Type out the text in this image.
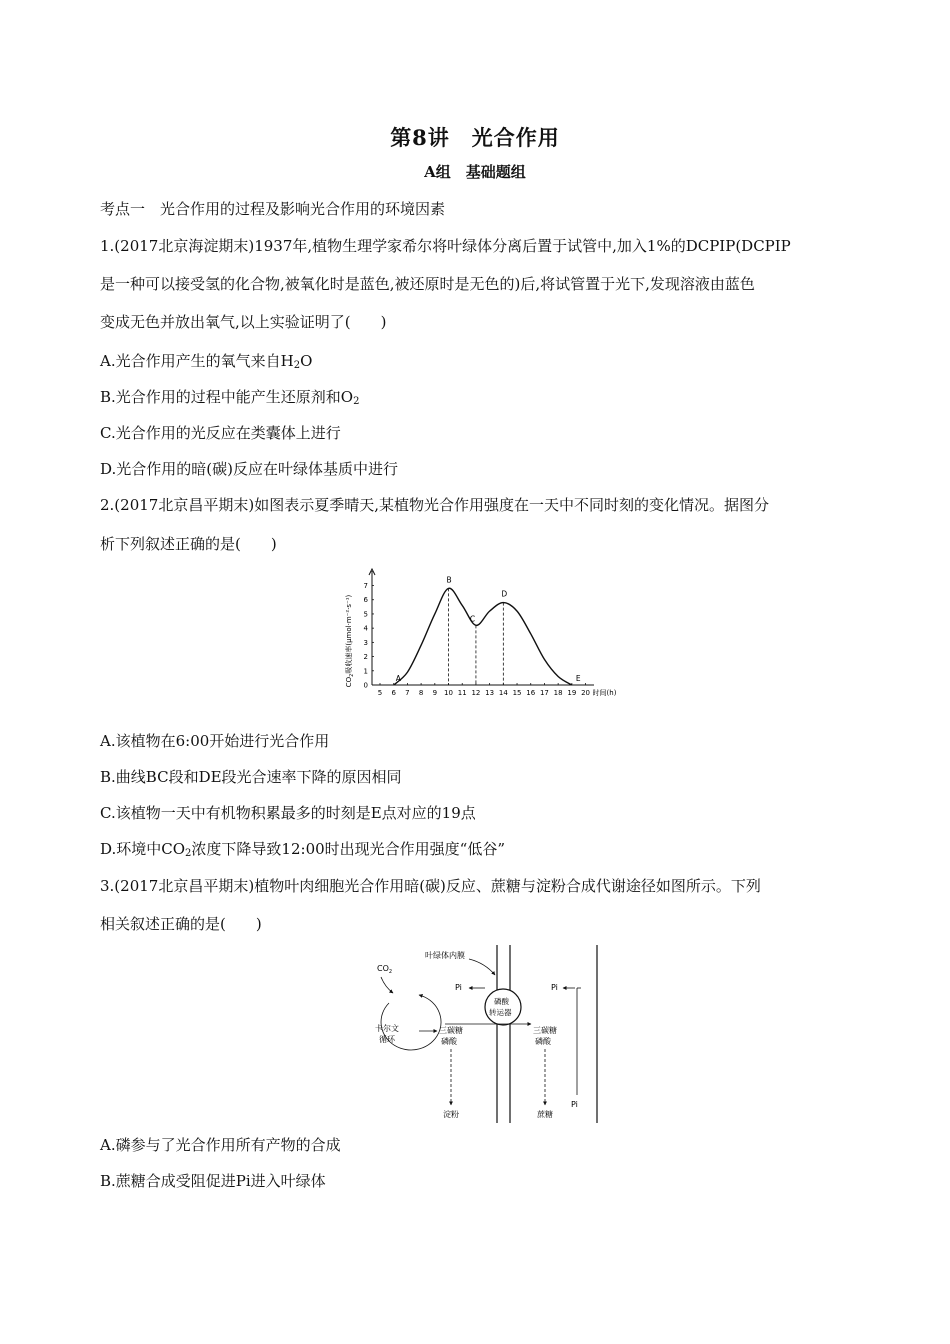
第8讲　光合作用
A组　基础题组
考点一　光合作用的过程及影响光合作用的环境因素
1.(2017北京海淀期末)1937年,植物生理学家希尔将叶绿体分离后置于试管中,加入1%的DCPIP(DCPIP
是一种可以接受氢的化合物,被氧化时是蓝色,被还原时是无色的)后,将试管置于光下,发现溶液由蓝色
变成无色并放出氧气,以上实验证明了(　　)
A.光合作用产生的氧气来自$H_2O$
B.光合作用的过程中能产生还原剂和$O_2$
C.光合作用的光反应在类囊体上进行
D.光合作用的暗(碳)反应在叶绿体基质中进行
2.(2017北京昌平期末)如图表示夏季晴天,某植物光合作用强度在一天中不同时刻的变化情况。据图分
析下列叙述正确的是(　　)
5 6 7 8 9 10 11 12 13 14 15 16 17 18 19 20 时间(h)
0
1
2
3
4
5
6
7
A
B
C
D
E
$CO_2$吸收速率(μmol·m⁻²·s⁻¹)
A.该植物在6:00开始进行光合作用
B.曲线BC段和DE段光合速率下降的原因相同
C.该植物一天中有机物积累最多的时刻是E点对应的19点
D.环境中$CO_2$浓度下降导致12:00时出现光合作用强度“低谷”
3.(2017北京昌平期末)植物叶肉细胞光合作用暗(碳)反应、蔗糖与淀粉合成代谢途径如图所示。下列
相关叙述正确的是(　　)
叶绿体内膜
$CO_2$
卡尔文
循环
三碳糖
磷酸
淀粉
磷酸
转运器
Pi
三碳糖
磷酸
蔗糖
Pi
Pi
A.磷参与了光合作用所有产物的合成
B.蔗糖合成受阻促进Pi进入叶绿体
